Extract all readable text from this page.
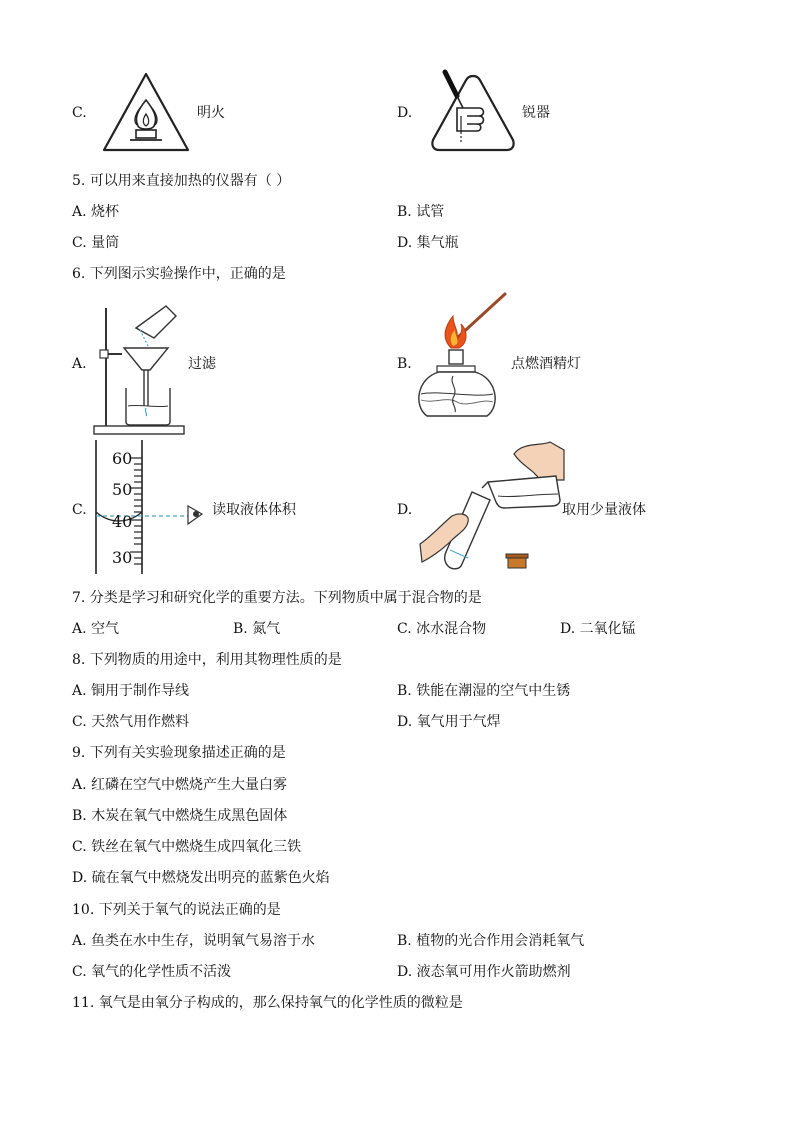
C.	明火	D.	锐器
5. 可以用来直接加热的仪器有（ ）
A. 烧杯	B. 试管
C. 量筒	D. 集气瓶
6. 下列图示实验操作中，正确的是
A.	过滤	B.	点燃酒精灯
C.
60
50
40
30
读取液体体积	D.	取用少量液体
7. 分类是学习和研究化学的重要方法。下列物质中属于混合物的是
A. 空气	B. 氮气	C. 冰水混合物	D. 二氧化锰
8. 下列物质的用途中，利用其物理性质的是
A. 铜用于制作导线	B. 铁能在潮湿的空气中生锈
C. 天然气用作燃料	D. 氧气用于气焊
9. 下列有关实验现象描述正确的是
A. 红磷在空气中燃烧产生大量白雾
B. 木炭在氧气中燃烧生成黑色固体
C. 铁丝在氧气中燃烧生成四氧化三铁
D. 硫在氧气中燃烧发出明亮的蓝紫色火焰
10. 下列关于氧气的说法正确的是
A. 鱼类在水中生存，说明氧气易溶于水	B. 植物的光合作用会消耗氧气
C. 氧气的化学性质不活泼	D. 液态氧可用作火箭助燃剂
11. 氧气是由氧分子构成的，那么保持氧气的化学性质的微粒是
